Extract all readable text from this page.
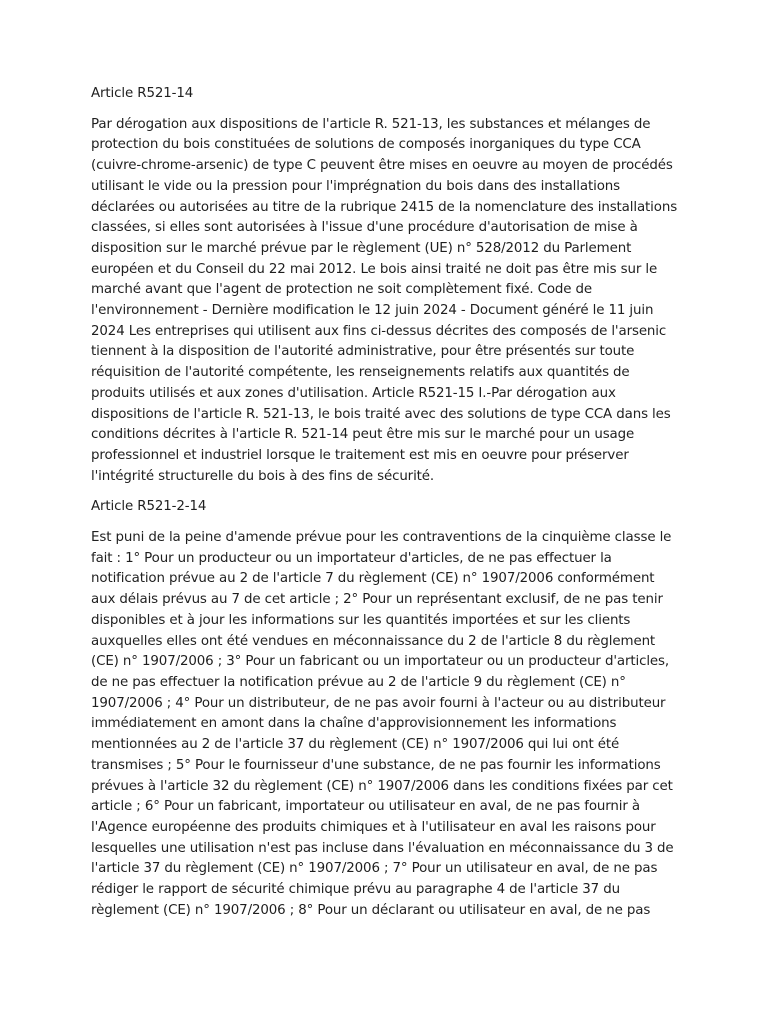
Article R521-14

Par dérogation aux dispositions de l'article R. 521-13, les substances et mélanges de protection du bois constituées de solutions de composés inorganiques du type CCA (cuivre-chrome-arsenic) de type C peuvent être mises en oeuvre au moyen de procédés utilisant le vide ou la pression pour l'imprégnation du bois dans des installations déclarées ou autorisées au titre de la rubrique 2415 de la nomenclature des installations classées, si elles sont autorisées à l'issue d'une procédure d'autorisation de mise à disposition sur le marché prévue par le règlement (UE) n° 528/2012 du Parlement européen et du Conseil du 22 mai 2012. Le bois ainsi traité ne doit pas être mis sur le marché avant que l'agent de protection ne soit complètement fixé. Code de l'environnement - Dernière modification le 12 juin 2024 - Document généré le 11 juin 2024 Les entreprises qui utilisent aux fins ci-dessus décrites des composés de l'arsenic tiennent à la disposition de l'autorité administrative, pour être présentés sur toute réquisition de l'autorité compétente, les renseignements relatifs aux quantités de produits utilisés et aux zones d'utilisation. Article R521-15 I.-Par dérogation aux dispositions de l'article R. 521-13, le bois traité avec des solutions de type CCA dans les conditions décrites à l'article R. 521-14 peut être mis sur le marché pour un usage professionnel et industriel lorsque le traitement est mis en oeuvre pour préserver l'intégrité structurelle du bois à des fins de sécurité.

Article R521-2-14

Est puni de la peine d'amende prévue pour les contraventions de la cinquième classe le fait : 1° Pour un producteur ou un importateur d'articles, de ne pas effectuer la notification prévue au 2 de l'article 7 du règlement (CE) n° 1907/2006 conformément aux délais prévus au 7 de cet article ; 2° Pour un représentant exclusif, de ne pas tenir disponibles et à jour les informations sur les quantités importées et sur les clients auxquelles elles ont été vendues en méconnaissance du 2 de l'article 8 du règlement (CE) n° 1907/2006 ; 3° Pour un fabricant ou un importateur ou un producteur d'articles, de ne pas effectuer la notification prévue au 2 de l'article 9 du règlement (CE) n° 1907/2006 ; 4° Pour un distributeur, de ne pas avoir fourni à l'acteur ou au distributeur immédiatement en amont dans la chaîne d'approvisionnement les informations mentionnées au 2 de l'article 37 du règlement (CE) n° 1907/2006 qui lui ont été transmises ; 5° Pour le fournisseur d'une substance, de ne pas fournir les informations prévues à l'article 32 du règlement (CE) n° 1907/2006 dans les conditions fixées par cet article ; 6° Pour un fabricant, importateur ou utilisateur en aval, de ne pas fournir à l'Agence européenne des produits chimiques et à l'utilisateur en aval les raisons pour lesquelles une utilisation n'est pas incluse dans l'évaluation en méconnaissance du 3 de l'article 37 du règlement (CE) n° 1907/2006 ; 7° Pour un utilisateur en aval, de ne pas rédiger le rapport de sécurité chimique prévu au paragraphe 4 de l'article 37 du règlement (CE) n° 1907/2006 ; 8° Pour un déclarant ou utilisateur en aval, de ne pas
